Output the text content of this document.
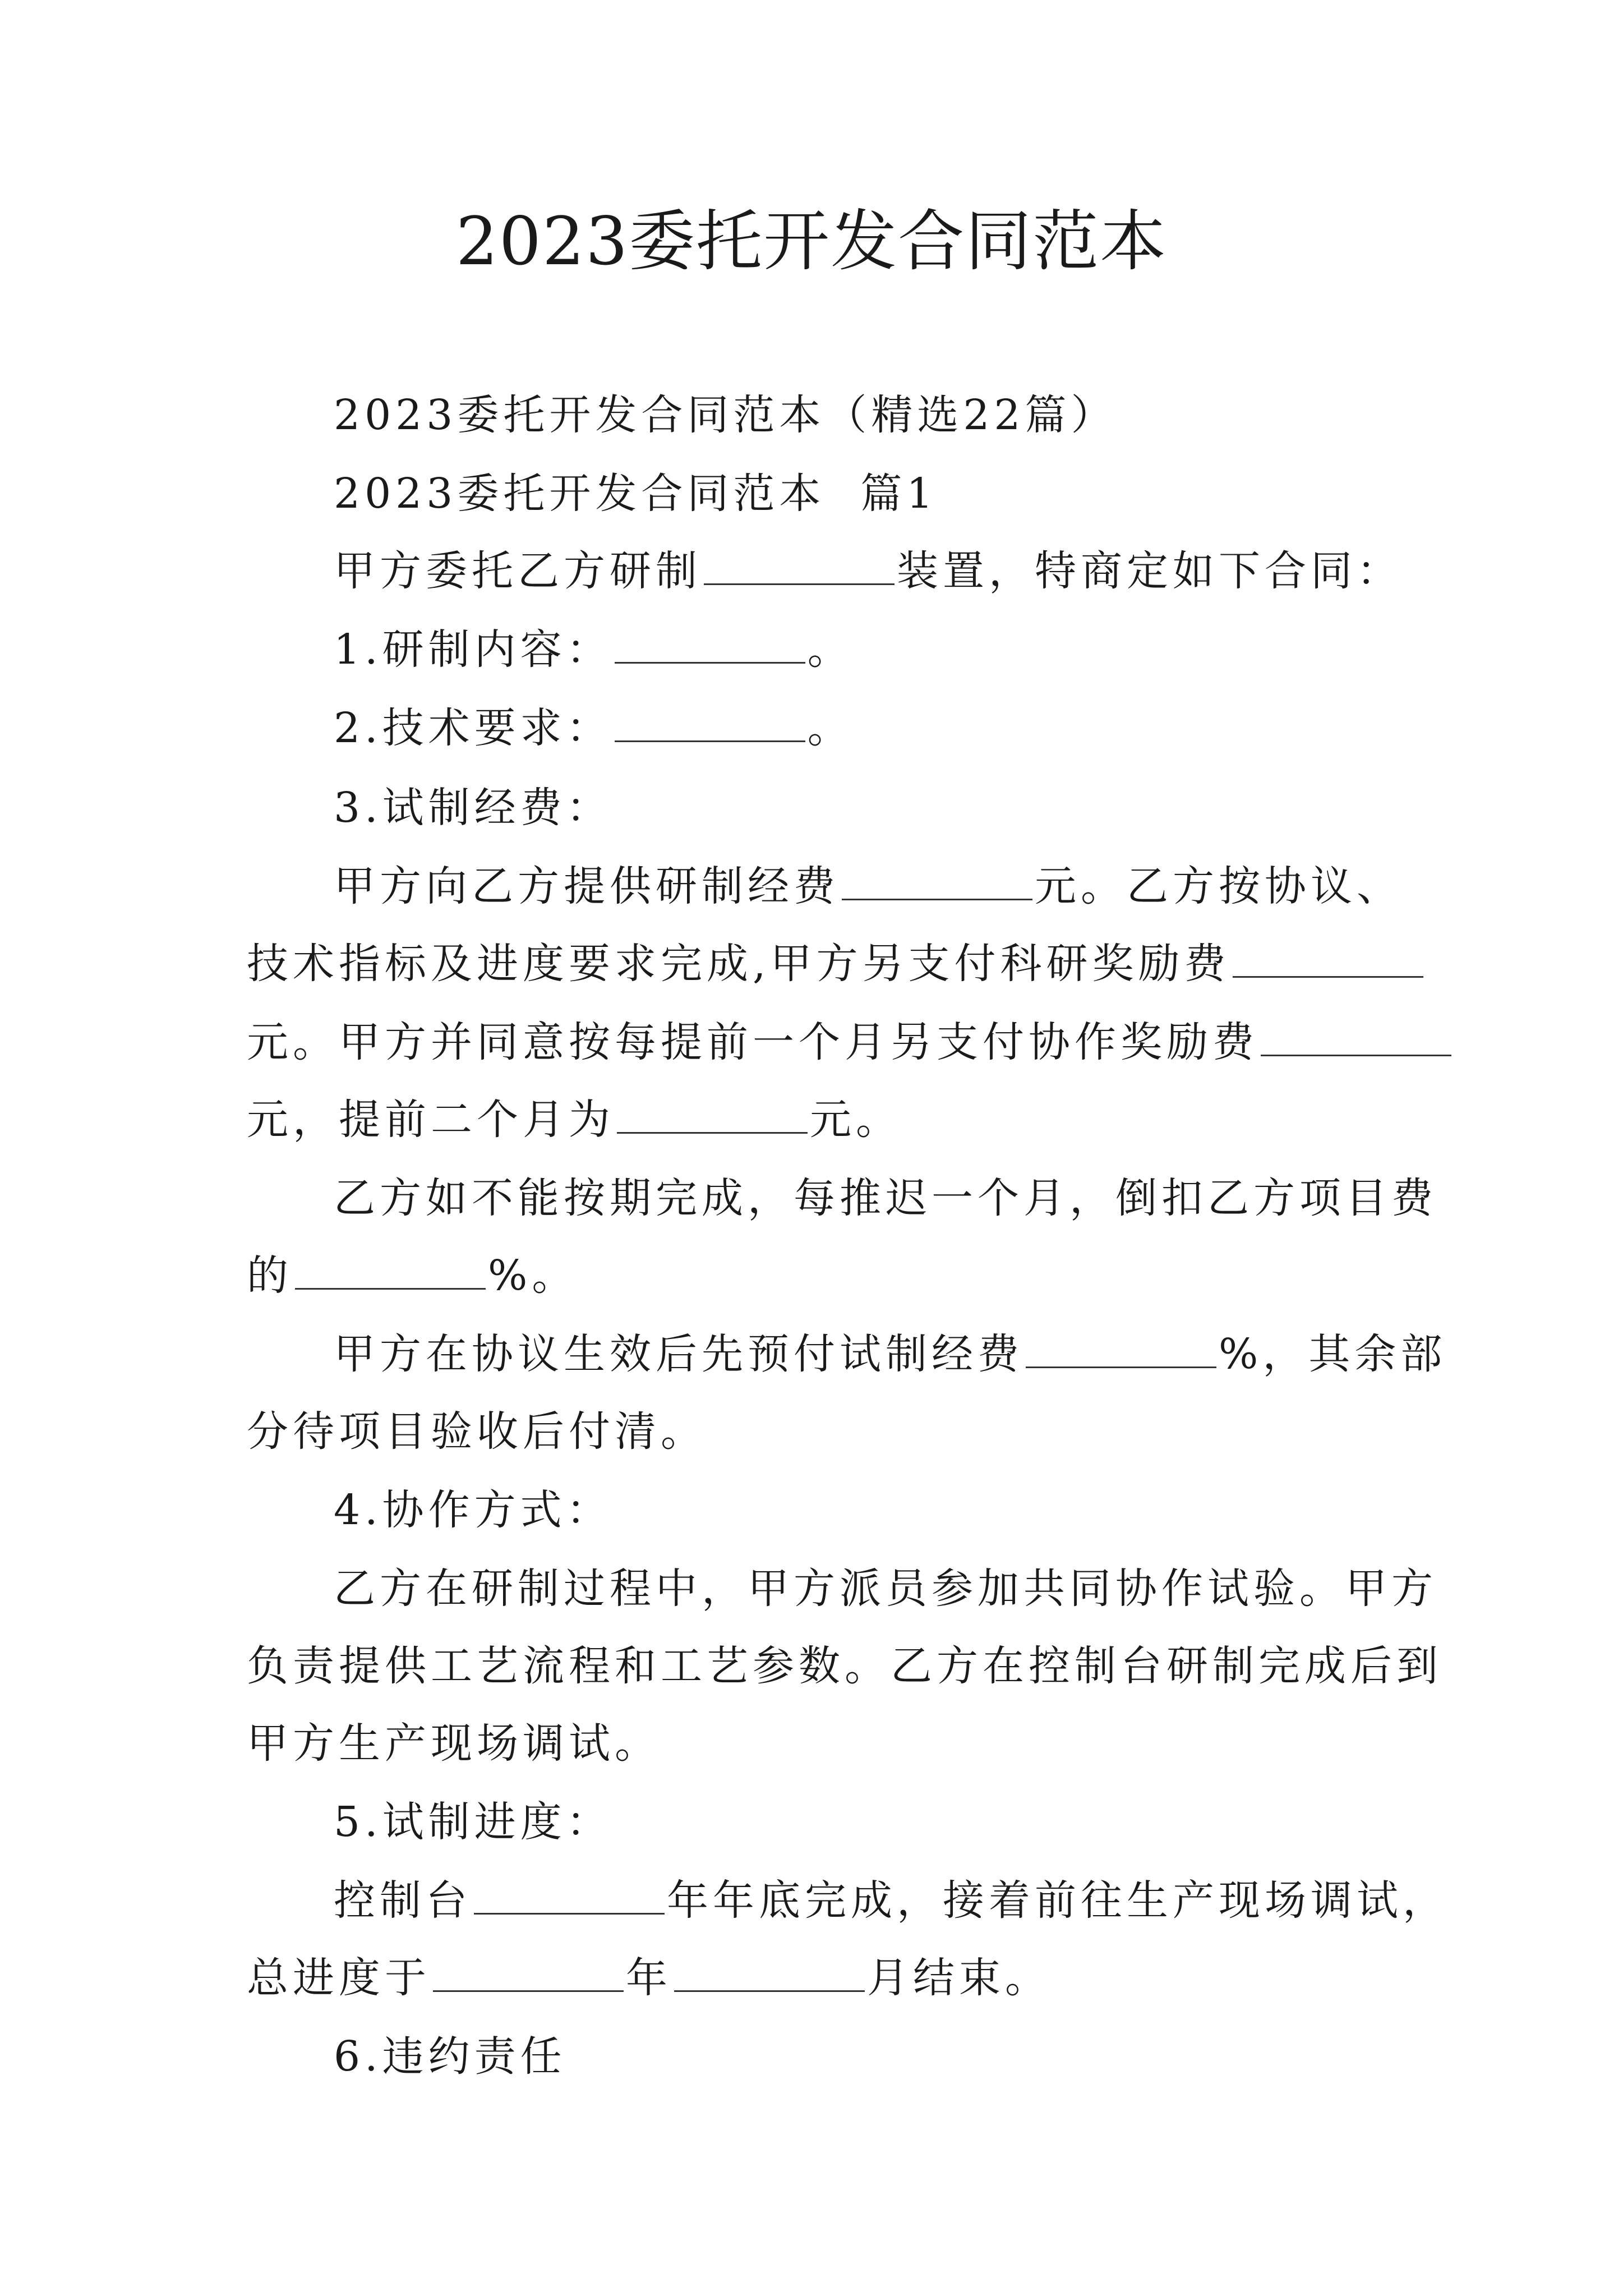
2023委托开发合同范本
2023委托开发合同范本（精选22篇）
2023委托开发合同范本  篇1
甲方委托乙方研制	装置，特商定如下合同：
1.研制内容：	。
2.技术要求：	。
3.试制经费：
甲方向乙方提供研制经费	元。乙方按协议、
技术指标及进度要求完成,甲方另支付科研奖励费
元。甲方并同意按每提前一个月另支付协作奖励费
元，提前二个月为	元。
乙方如不能按期完成，每推迟一个月，倒扣乙方项目费
的	%。
甲方在协议生效后先预付试制经费	%，其余部
分待项目验收后付清。
4.协作方式：
乙方在研制过程中，甲方派员参加共同协作试验。甲方
负责提供工艺流程和工艺参数。乙方在控制台研制完成后到
甲方生产现场调试。
5.试制进度：
控制台	年年底完成，接着前往生产现场调试，
总进度于	年	月结束。
6.违约责任
